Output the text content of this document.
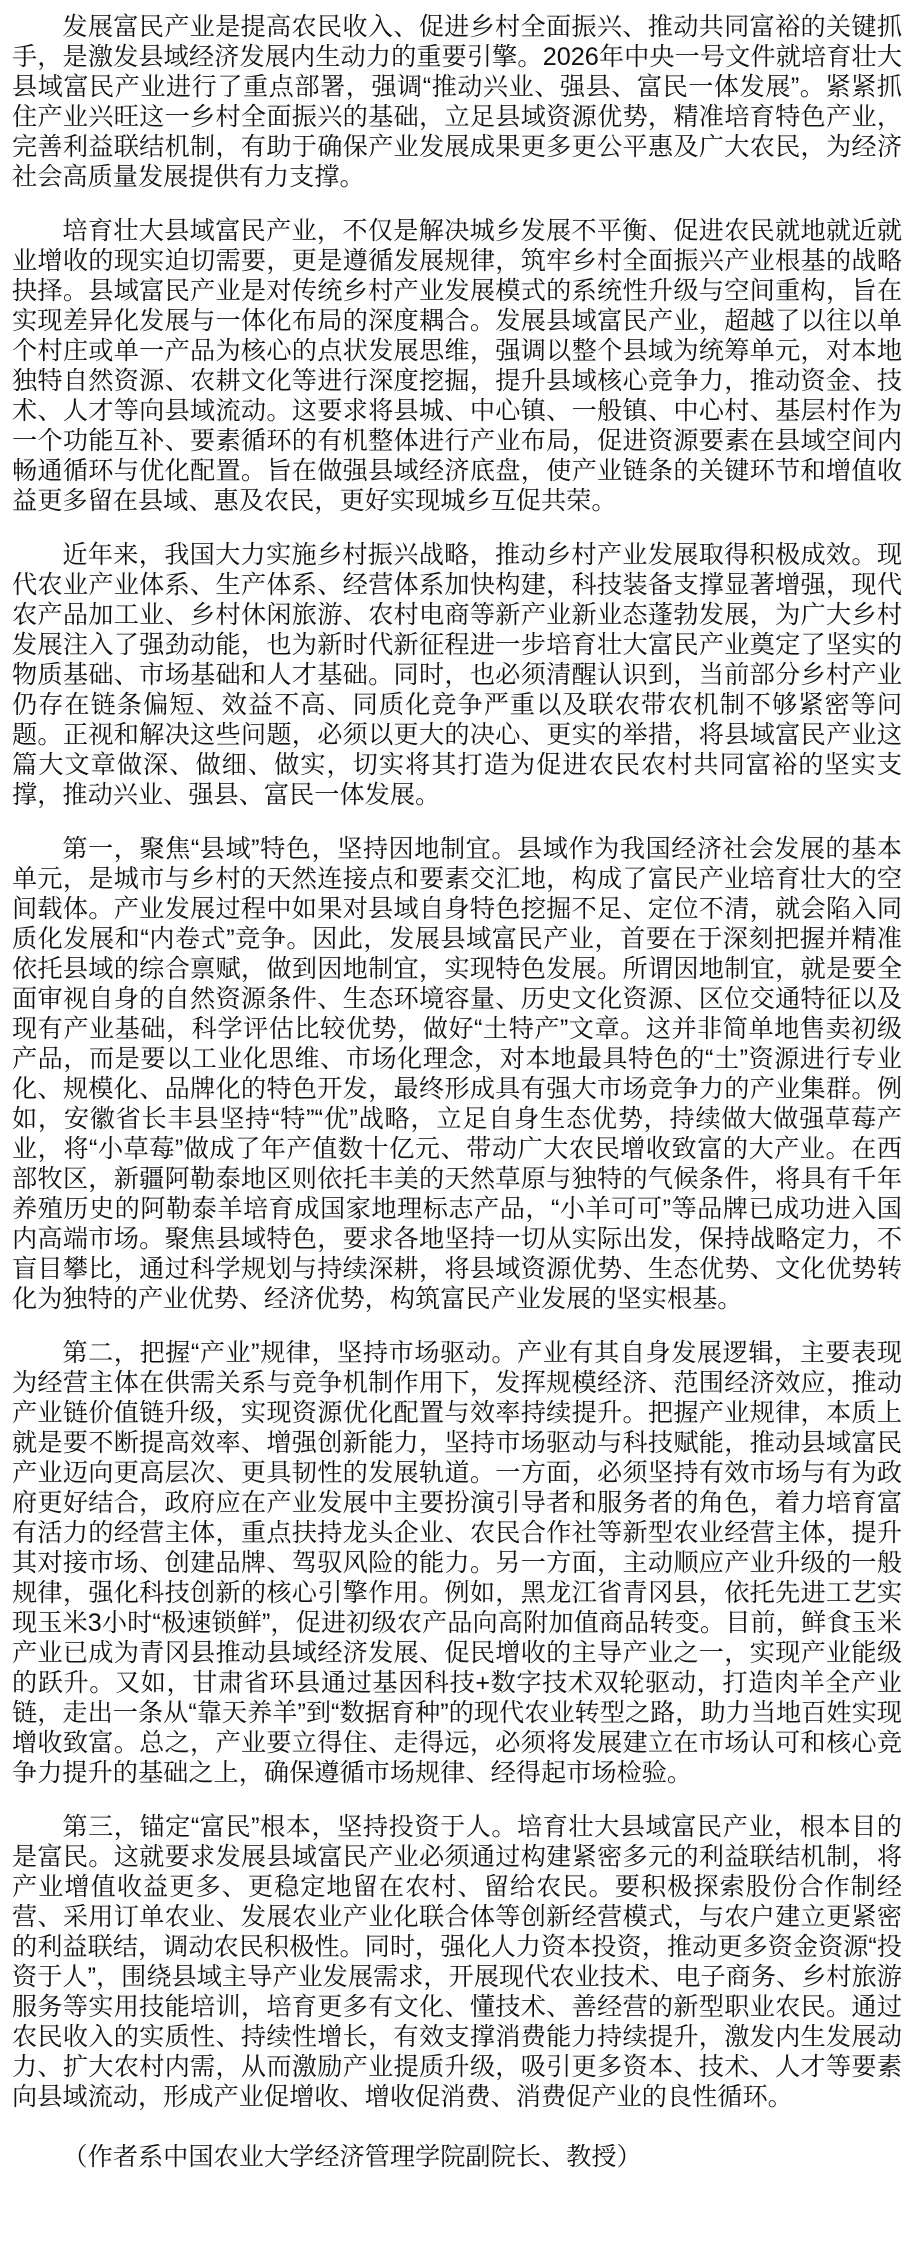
发展富民产业是提高农民收入、促进乡村全面振兴、推动共同富裕的关键抓手，是激发县域经济发展内生动力的重要引擎。2026年中央一号文件就培育壮大县域富民产业进行了重点部署，强调“推动兴业、强县、富民一体发展”。紧紧抓住产业兴旺这一乡村全面振兴的基础，立足县域资源优势，精准培育特色产业，完善利益联结机制，有助于确保产业发展成果更多更公平惠及广大农民，为经济社会高质量发展提供有力支撑。

培育壮大县域富民产业，不仅是解决城乡发展不平衡、促进农民就地就近就业增收的现实迫切需要，更是遵循发展规律，筑牢乡村全面振兴产业根基的战略抉择。县域富民产业是对传统乡村产业发展模式的系统性升级与空间重构，旨在实现差异化发展与一体化布局的深度耦合。发展县域富民产业，超越了以往以单个村庄或单一产品为核心的点状发展思维，强调以整个县域为统筹单元，对本地独特自然资源、农耕文化等进行深度挖掘，提升县域核心竞争力，推动资金、技术、人才等向县域流动。这要求将县城、中心镇、一般镇、中心村、基层村作为一个功能互补、要素循环的有机整体进行产业布局，促进资源要素在县域空间内畅通循环与优化配置。旨在做强县域经济底盘，使产业链条的关键环节和增值收益更多留在县域、惠及农民，更好实现城乡互促共荣。

近年来，我国大力实施乡村振兴战略，推动乡村产业发展取得积极成效。现代农业产业体系、生产体系、经营体系加快构建，科技装备支撑显著增强，现代农产品加工业、乡村休闲旅游、农村电商等新产业新业态蓬勃发展，为广大乡村发展注入了强劲动能，也为新时代新征程进一步培育壮大富民产业奠定了坚实的物质基础、市场基础和人才基础。同时，也必须清醒认识到，当前部分乡村产业仍存在链条偏短、效益不高、同质化竞争严重以及联农带农机制不够紧密等问题。正视和解决这些问题，必须以更大的决心、更实的举措，将县域富民产业这篇大文章做深、做细、做实，切实将其打造为促进农民农村共同富裕的坚实支撑，推动兴业、强县、富民一体发展。

第一，聚焦“县域”特色，坚持因地制宜。县域作为我国经济社会发展的基本单元，是城市与乡村的天然连接点和要素交汇地，构成了富民产业培育壮大的空间载体。产业发展过程中如果对县域自身特色挖掘不足、定位不清，就会陷入同质化发展和“内卷式”竞争。因此，发展县域富民产业，首要在于深刻把握并精准依托县域的综合禀赋，做到因地制宜，实现特色发展。所谓因地制宜，就是要全面审视自身的自然资源条件、生态环境容量、历史文化资源、区位交通特征以及现有产业基础，科学评估比较优势，做好“土特产”文章。这并非简单地售卖初级产品，而是要以工业化思维、市场化理念，对本地最具特色的“土”资源进行专业化、规模化、品牌化的特色开发，最终形成具有强大市场竞争力的产业集群。例如，安徽省长丰县坚持“特”“优”战略，立足自身生态优势，持续做大做强草莓产业，将“小草莓”做成了年产值数十亿元、带动广大农民增收致富的大产业。在西部牧区，新疆阿勒泰地区则依托丰美的天然草原与独特的气候条件，将具有千年养殖历史的阿勒泰羊培育成国家地理标志产品，“小羊可可”等品牌已成功进入国内高端市场。聚焦县域特色，要求各地坚持一切从实际出发，保持战略定力，不盲目攀比，通过科学规划与持续深耕，将县域资源优势、生态优势、文化优势转化为独特的产业优势、经济优势，构筑富民产业发展的坚实根基。

第二，把握“产业”规律，坚持市场驱动。产业有其自身发展逻辑，主要表现为经营主体在供需关系与竞争机制作用下，发挥规模经济、范围经济效应，推动产业链价值链升级，实现资源优化配置与效率持续提升。把握产业规律，本质上就是要不断提高效率、增强创新能力，坚持市场驱动与科技赋能，推动县域富民产业迈向更高层次、更具韧性的发展轨道。一方面，必须坚持有效市场与有为政府更好结合，政府应在产业发展中主要扮演引导者和服务者的角色，着力培育富有活力的经营主体，重点扶持龙头企业、农民合作社等新型农业经营主体，提升其对接市场、创建品牌、驾驭风险的能力。另一方面，主动顺应产业升级的一般规律，强化科技创新的核心引擎作用。例如，黑龙江省青冈县，依托先进工艺实现玉米3小时“极速锁鲜”，促进初级农产品向高附加值商品转变。目前，鲜食玉米产业已成为青冈县推动县域经济发展、促民增收的主导产业之一，实现产业能级的跃升。又如，甘肃省环县通过基因科技+数字技术双轮驱动，打造肉羊全产业链，走出一条从“靠天养羊”到“数据育种”的现代农业转型之路，助力当地百姓实现增收致富。总之，产业要立得住、走得远，必须将发展建立在市场认可和核心竞争力提升的基础之上，确保遵循市场规律、经得起市场检验。

第三，锚定“富民”根本，坚持投资于人。培育壮大县域富民产业，根本目的是富民。这就要求发展县域富民产业必须通过构建紧密多元的利益联结机制，将产业增值收益更多、更稳定地留在农村、留给农民。要积极探索股份合作制经营、采用订单农业、发展农业产业化联合体等创新经营模式，与农户建立更紧密的利益联结，调动农民积极性。同时，强化人力资本投资，推动更多资金资源“投资于人”，围绕县域主导产业发展需求，开展现代农业技术、电子商务、乡村旅游服务等实用技能培训，培育更多有文化、懂技术、善经营的新型职业农民。通过农民收入的实质性、持续性增长，有效支撑消费能力持续提升，激发内生发展动力、扩大农村内需，从而激励产业提质升级，吸引更多资本、技术、人才等要素向县域流动，形成产业促增收、增收促消费、消费促产业的良性循环。

（作者系中国农业大学经济管理学院副院长、教授）
